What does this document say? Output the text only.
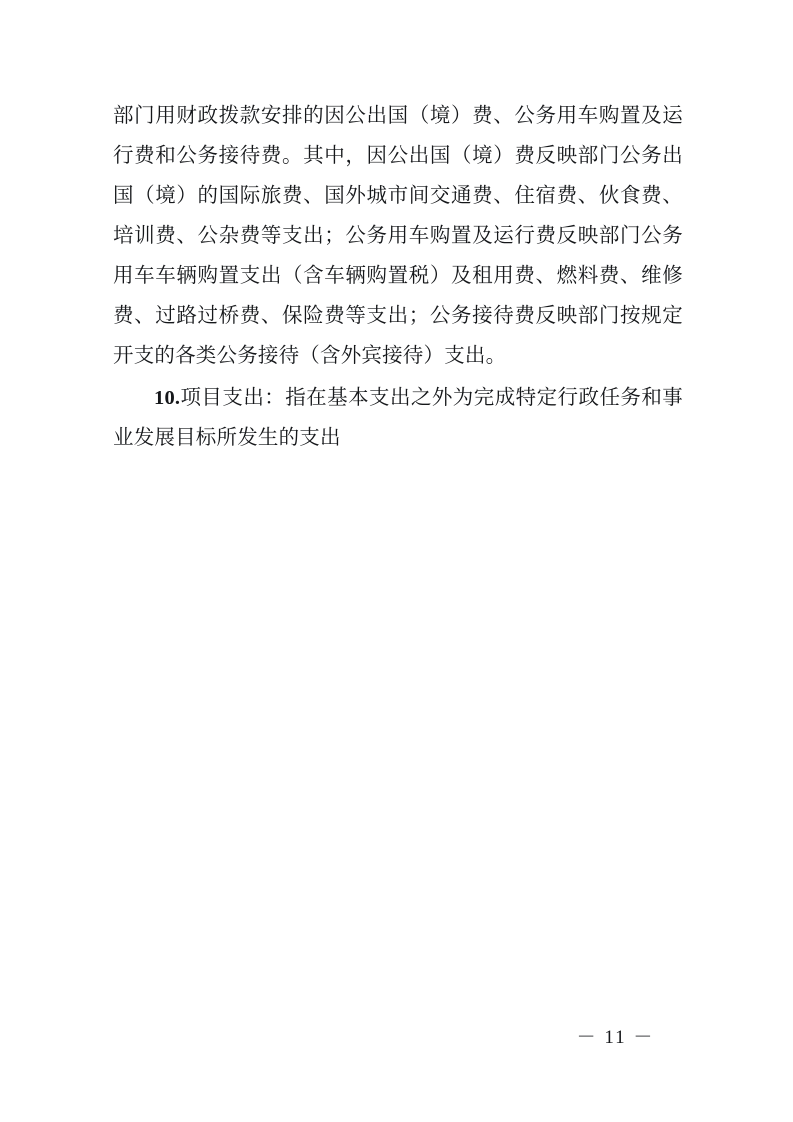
部门用财政拨款安排的因公出国（境）费、公务用车购置及运行费和公务接待费。其中，因公出国（境）费反映部门公务出国（境）的国际旅费、国外城市间交通费、住宿费、伙食费、培训费、公杂费等支出；公务用车购置及运行费反映部门公务用车车辆购置支出（含车辆购置税）及租用费、燃料费、维修费、过路过桥费、保险费等支出；公务接待费反映部门按规定开支的各类公务接待（含外宾接待）支出。

10.项目支出：指在基本支出之外为完成特定行政任务和事业发展目标所发生的支出

－ 11 －
